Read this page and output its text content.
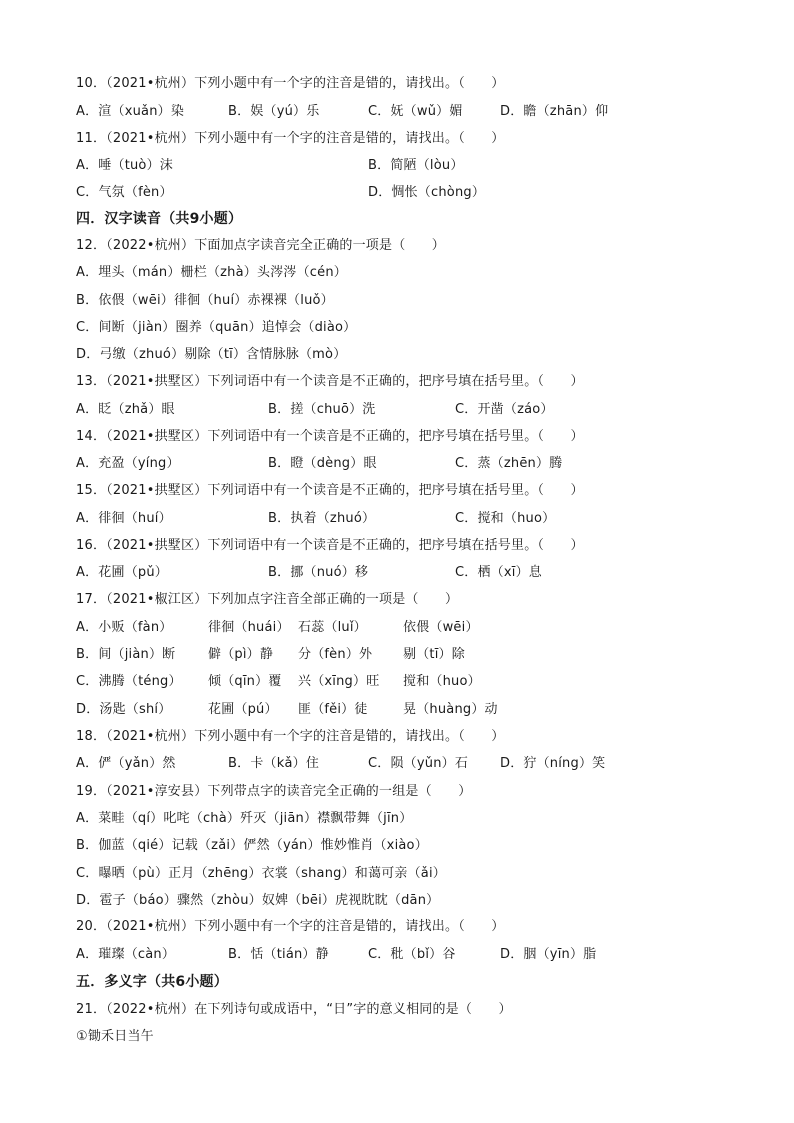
10．（2021•杭州）下列小题中有一个字的注音是错的，请找出。（　　）
A．渲（xuǎn）染	B．娱（yú）乐	C．妩（wǔ）媚	D．瞻（zhān）仰
11．（2021•杭州）下列小题中有一个字的注音是错的，请找出。（　　）
A．唾（tuò）沫	B．简陋（lòu）
C．气氛（fèn）	D．惆怅（chòng）
四．汉字读音（共9小题）
12．（2022•杭州）下面加点字读音完全正确的一项是（　　）
A．埋头（mán）栅栏（zhà）头涔涔（cén）
B．依偎（wēi）徘徊（huí）赤裸裸（luǒ）
C．间断（jiàn）圈养（quān）追悼会（diào）
D．弓缴（zhuó）剔除（tī）含情脉脉（mò）
13．（2021•拱墅区）下列词语中有一个读音是不正确的，把序号填在括号里。（　　）
A．眨（zhǎ）眼	B．搓（chuō）洗	C．开凿（záo）
14．（2021•拱墅区）下列词语中有一个读音是不正确的，把序号填在括号里。（　　）
A．充盈（yíng）	B．瞪（dèng）眼	C．蒸（zhēn）腾
15．（2021•拱墅区）下列词语中有一个读音是不正确的，把序号填在括号里。（　　）
A．徘徊（huí）	B．执着（zhuó）	C．搅和（huo）
16．（2021•拱墅区）下列词语中有一个读音是不正确的，把序号填在括号里。（　　）
A．花圃（pǔ）	B．挪（nuó）移	C．栖（xī）息
17．（2021•椒江区）下列加点字注音全部正确的一项是（　　）
A．小贩（fàn）	徘徊（huái） 石蕊（luǐ）	依偎（wēi）
B．间（jiàn）断	僻（pì）静 分（fèn）外 剔（tī）除
C．沸腾（téng） 倾（qīn）覆 兴（xīng）旺 搅和（huo）
D．汤匙（shí）	花圃（pú） 匪（fěi）徒	晃（huàng）动
18．（2021•杭州）下列小题中有一个字的注音是错的，请找出。（　　）
A．俨（yǎn）然	B．卡（kǎ）住	C．陨（yǔn）石 D．狞（níng）笑
19．（2021•淳安县）下列带点字的读音完全正确的一组是（　　）
A．菜畦（qí）叱咤（chà）歼灭（jiān）襟飘带舞（jīn）
B．伽蓝（qié）记载（zǎi）俨然（yán）惟妙惟肖（xiào）
C．曝晒（pù）正月（zhēng）衣裳（shang）和蔼可亲（ǎi）
D．雹子（báo）骤然（zhòu）奴婢（bēi）虎视眈眈（dān）
20．（2021•杭州）下列小题中有一个字的注音是错的，请找出。（　　）
A．璀璨（càn）	B．恬（tián）静	C．秕（bǐ）谷	D．胭（yīn）脂
五．多义字（共6小题）
21．（2022•杭州）在下列诗句或成语中，“日”字的意义相同的是（　　）
①锄禾日当午
